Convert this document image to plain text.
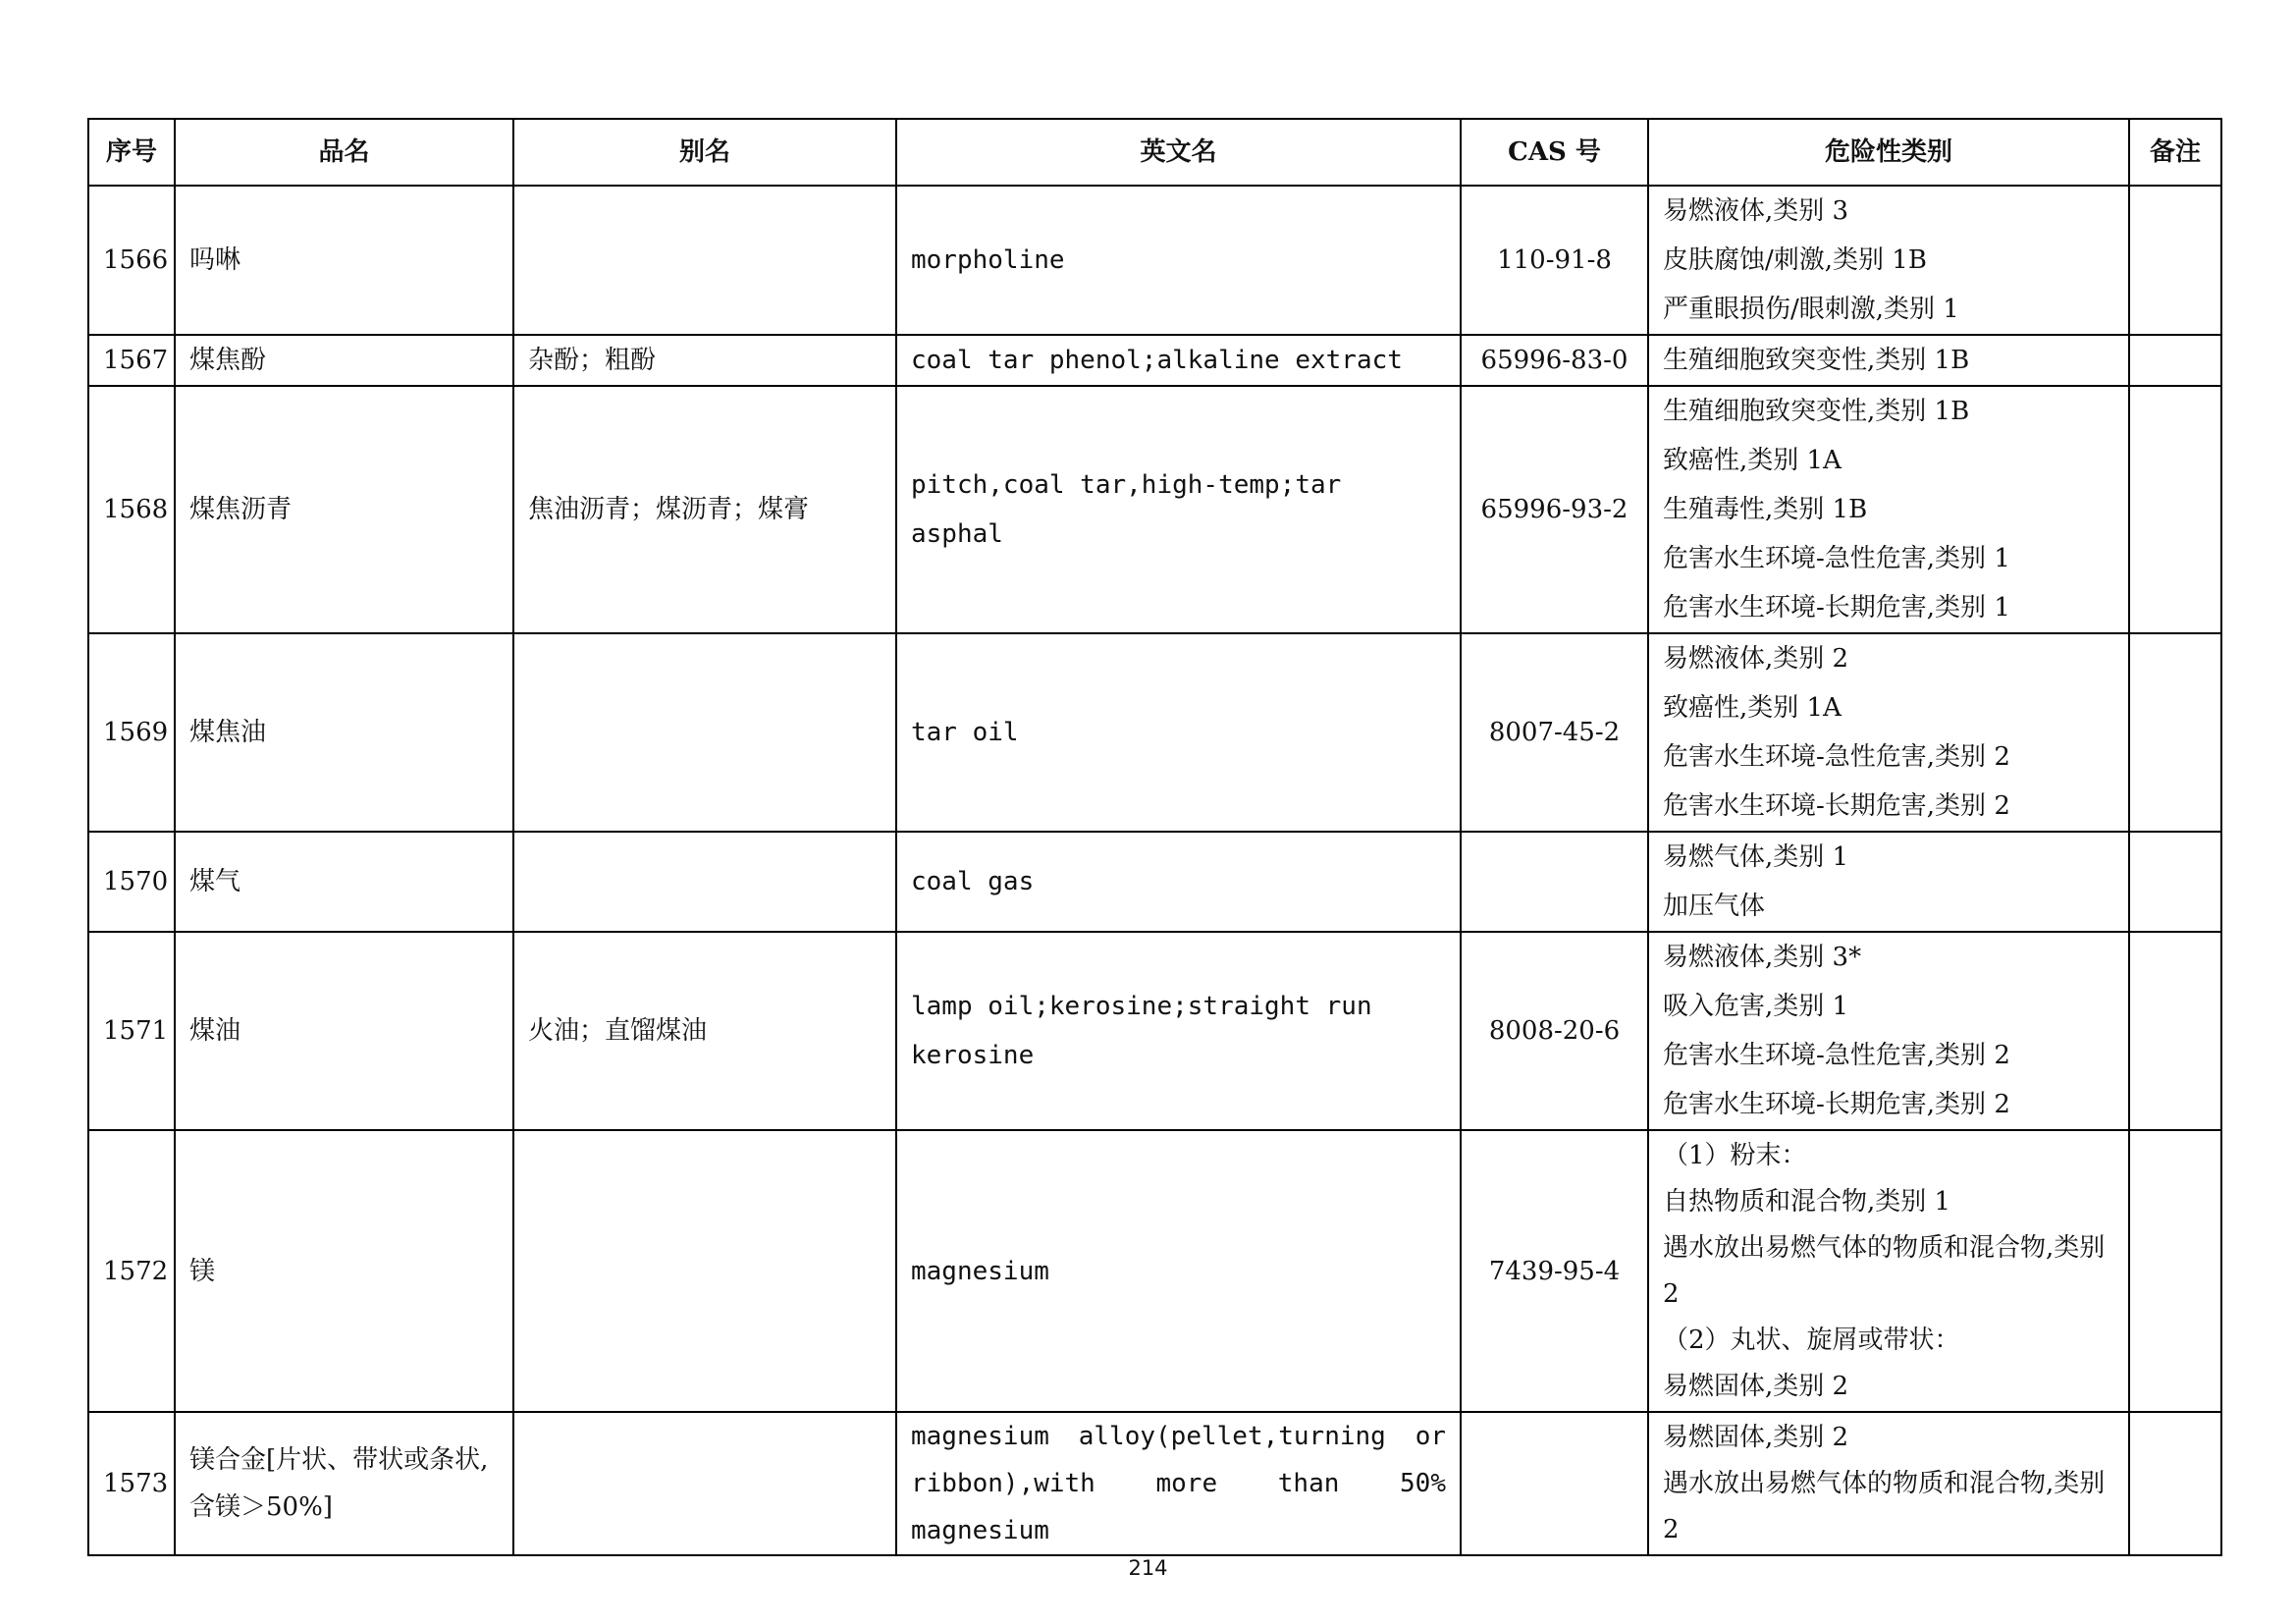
序号	品名	别名	英文名	CAS 号	危险性类别	备注
1566	吗啉		morpholine	110-91-8	易燃液体,类别 3
皮肤腐蚀/刺激,类别 1B
严重眼损伤/眼刺激,类别 1	

1567	煤焦酚	杂酚；粗酚	coal tar phenol;alkaline extract	65996-83-0	生殖细胞致突变性,类别 1B	

1568	煤焦沥青	焦油沥青；煤沥青；煤膏	pitch,coal tar,high-temp;tar asphal	65996-93-2	生殖细胞致突变性,类别 1B
致癌性,类别 1A
生殖毒性,类别 1B
危害水生环境-急性危害,类别 1
危害水生环境-长期危害,类别 1	

1569	煤焦油		tar oil	8007-45-2	易燃液体,类别 2
致癌性,类别 1A
危害水生环境-急性危害,类别 2
危害水生环境-长期危害,类别 2	

1570	煤气		coal gas		易燃气体,类别 1
加压气体	

1571	煤油	火油；直馏煤油	lamp oil;kerosine;straight run kerosine	8008-20-6	易燃液体,类别 3*
吸入危害,类别 1
危害水生环境-急性危害,类别 2
危害水生环境-长期危害,类别 2	

1572	镁		magnesium	7439-95-4	（1）粉末：
自热物质和混合物,类别 1
遇水放出易燃气体的物质和混合物,类别 2
（2）丸状、旋屑或带状：
易燃固体,类别 2	

1573	镁合金[片状、带状或条状,含镁＞50%]		magnesium alloy(pellet,turning or ribbon),with more than 50% magnesium		易燃固体,类别 2
遇水放出易燃气体的物质和混合物,类别 2	

214
